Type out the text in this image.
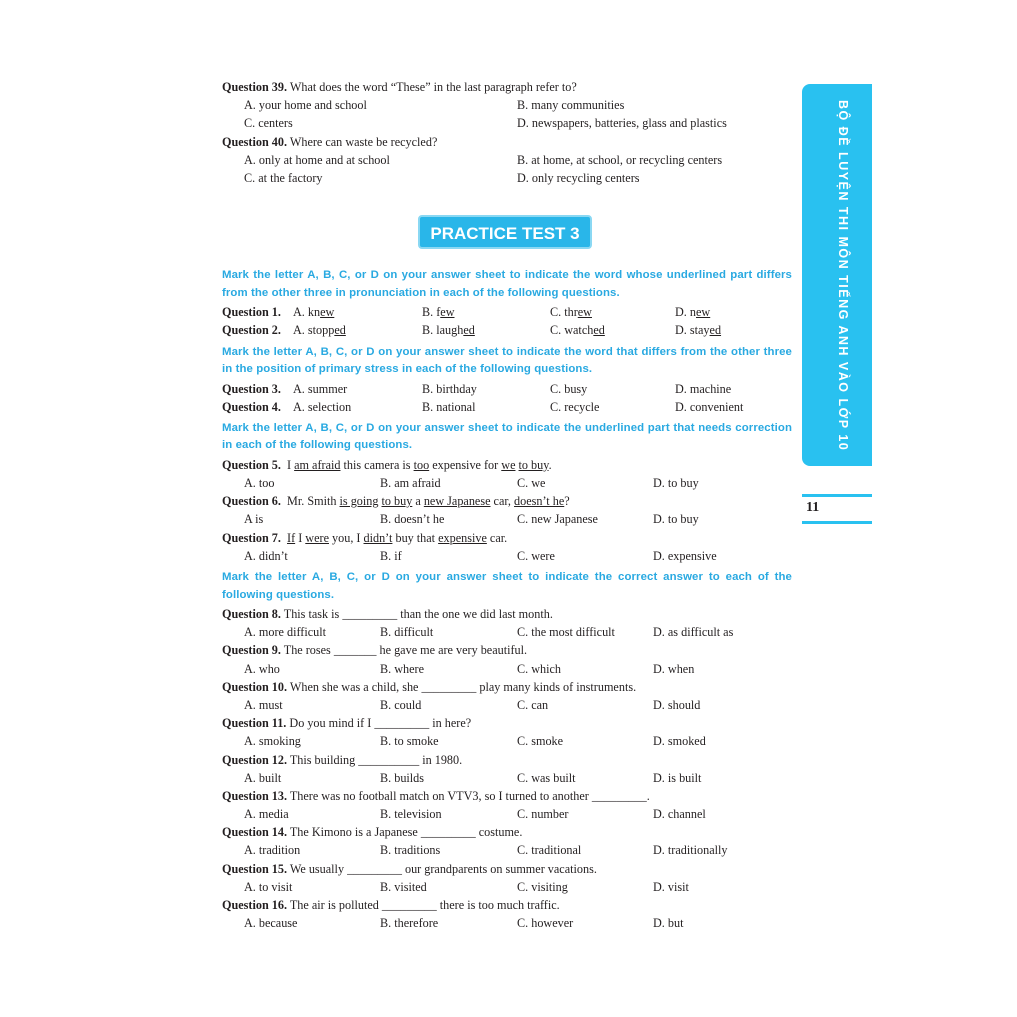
BỘ ĐỀ LUYỆN THI MÔN TIẾNG ANH VÀO LỚP 10
11
Question 39. What does the word “These” in the last paragraph refer to?
A. your home and school	B. many communities
C. centers	D. newspapers, batteries, glass and plastics
Question 40. Where can waste be recycled?
A. only at home and at school	B. at home, at school, or recycling centers
C. at the factory	D. only recycling centers
PRACTICE TEST 3
Mark the letter A, B, C, or D on your answer sheet to indicate the word whose underlined part differs from the other three in pronunciation in each of the following questions.
Question 1. A. knew	B. few	C. threw	D. new
Question 2. A. stopped	B. laughed	C. watched	D. stayed
Mark the letter A, B, C, or D on your answer sheet to indicate the word that differs from the other three in the position of primary stress in each of the following questions.
Question 3. A. summer	B. birthday	C. busy	D. machine
Question 4. A. selection	B. national	C. recycle	D. convenient
Mark the letter A, B, C, or D on your answer sheet to indicate the underlined part that needs correction in each of the following questions.
Question 5. I am afraid this camera is too expensive for we to buy.
A. too	B. am afraid	C. we	D. to buy
Question 6. Mr. Smith is going to buy a new Japanese car, doesn’t he?
A is	B. doesn’t he	C. new Japanese	D. to buy
Question 7. If I were you, I didn’t buy that expensive car.
A. didn’t	B. if	C. were	D. expensive
Mark the letter A, B, C, or D on your answer sheet to indicate the correct answer to each of the following questions.
Question 8. This task is _________ than the one we did last month.
A. more difficult	B. difficult	C. the most difficult	D. as difficult as
Question 9. The roses _______ he gave me are very beautiful.
A. who	B. where	C. which	D. when
Question 10. When she was a child, she _________ play many kinds of instruments.
A. must	B. could	C. can	D. should
Question 11. Do you mind if I _________ in here?
A. smoking	B. to smoke	C. smoke	D. smoked
Question 12. This building __________ in 1980.
A. built	B. builds	C. was built	D. is built
Question 13. There was no football match on VTV3, so I turned to another _________.
A. media	B. television	C. number	D. channel
Question 14. The Kimono is a Japanese _________ costume.
A. tradition	B. traditions	C. traditional	D. traditionally
Question 15. We usually _________ our grandparents on summer vacations.
A. to visit	B. visited	C. visiting	D. visit
Question 16. The air is polluted _________ there is too much traffic.
A. because	B. therefore	C. however	D. but
